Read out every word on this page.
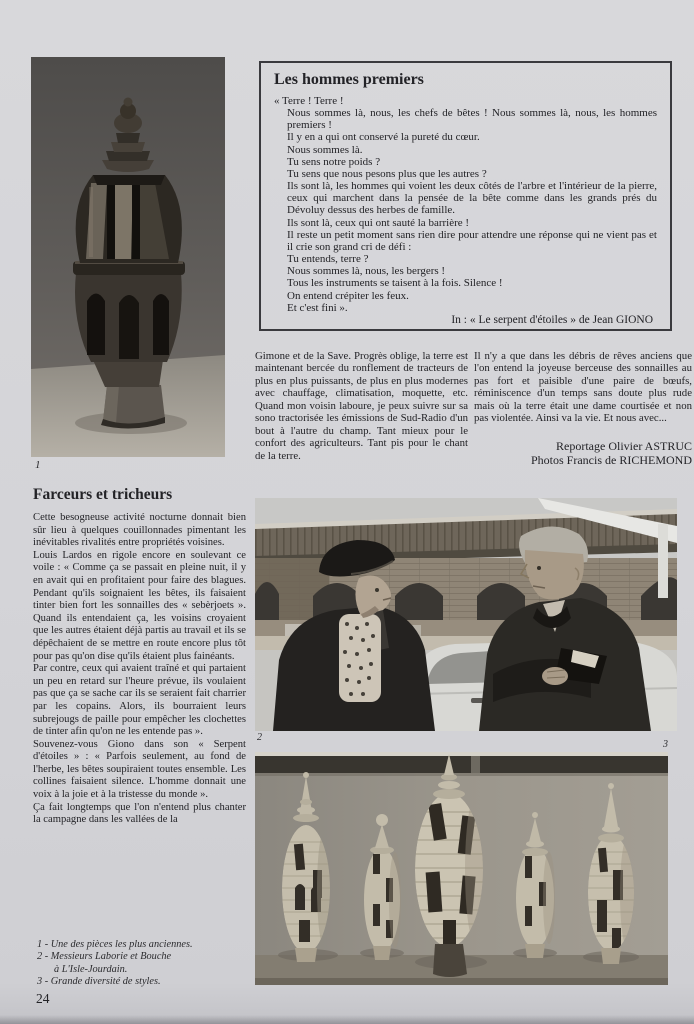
1
Les hommes premiers
« Terre ! Terre !
Nous sommes là, nous, les chefs de bêtes ! Nous sommes là, nous, les hommes premiers !
Il y en a qui ont conservé la pureté du cœur.
Nous sommes là.
Tu sens notre poids ?
Tu sens que nous pesons plus que les autres ?
Ils sont là, les hommes qui voient les deux côtés de l'arbre et l'intérieur de la pierre, ceux qui marchent dans la pensée de la bête comme dans les grands prés du Dévoluy dessus des herbes de famille.
Ils sont là, ceux qui ont sauté la barrière !
Il reste un petit moment sans rien dire pour attendre une réponse qui ne vient pas et il crie son grand cri de défi :
Tu entends, terre ?
Nous sommes là, nous, les bergers !
Tous les instruments se taisent à la fois. Silence !
On entend crépiter les feux.
Et c'est fini ».
In : « Le serpent d'étoiles » de Jean GIONO
Gimone et de la Save. Progrès oblige, la terre est maintenant bercée du ronflement de tracteurs de plus en plus puissants, de plus en plus modernes avec chauffage, climatisation, moquette, etc. Quand mon voisin laboure, je peux suivre sur sa sono tractorisée les émissions de Sud-Radio d'un bout à l'autre du champ. Tant mieux pour le confort des agriculteurs. Tant pis pour le chant de la terre.
Il n'y a que dans les débris de rêves anciens que l'on entend la joyeuse berceuse des sonnailles au pas fort et paisible d'une paire de bœufs, réminiscence d'un temps sans doute plus rude mais où la terre était une dame courtisée et non pas violentée. Ainsi va la vie. Et nous avec...
Reportage Olivier ASTRUC
Photos Francis de RICHEMOND
Farceurs et tricheurs

Cette besogneuse activité nocturne donnait bien sûr lieu à quelques couillonnades pimentant les inévitables rivalités entre propriétés voisines.

Louis Lardos en rigole encore en soulevant ce voile : « Comme ça se passait en pleine nuit, il y en avait qui en profitaient pour faire des blagues. Pendant qu'ils soignaient les bêtes, ils faisaient tinter bien fort les sonnailles des « sebèrjoets ». Quand ils entendaient ça, les voisins croyaient que les autres étaient déjà partis au travail et ils se dépêchaient de se mettre en route encore plus tôt pour pas qu'on dise qu'ils étaient plus fainéants.

Par contre, ceux qui avaient traîné et qui partaient un peu en retard sur l'heure prévue, ils voulaient pas que ça se sache car ils se seraient fait charrier par les copains. Alors, ils bourraient leurs subrejougs de paille pour empêcher les clochettes de tinter afin qu'on ne les entende pas ».

Souvenez-vous Giono dans son « Serpent d'étoiles » : « Parfois seulement, au fond de l'herbe, les bêtes soupiraient toutes ensemble. Les collines faisaient silence. L'homme donnait une voix à la joie et à la tristesse du monde ».

Ça fait longtemps que l'on n'entend plus chanter la campagne dans les vallées de la

2
3
1 - Une des pièces les plus anciennes.
2 - Messieurs Laborie et Bouche
à L'Isle-Jourdain.
3 - Grande diversité de styles.
24
